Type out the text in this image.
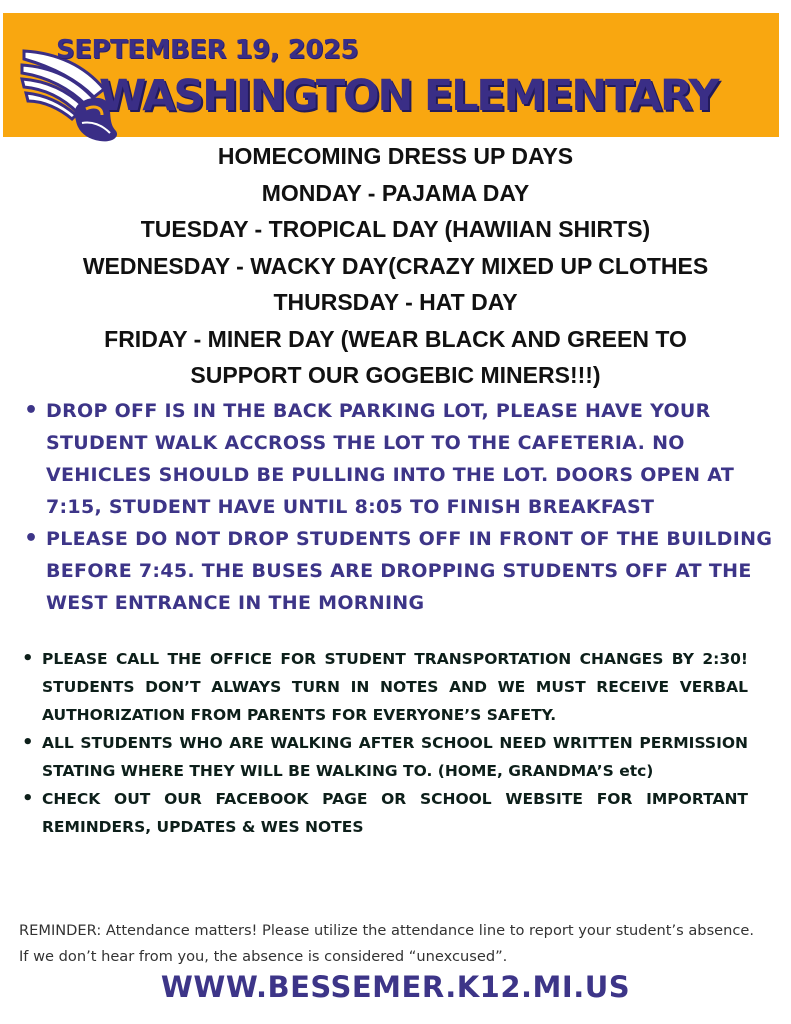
SEPTEMBER 19, 2025
WASHINGTON ELEMENTARY
HOMECOMING DRESS UP DAYS
MONDAY - PAJAMA DAY
TUESDAY - TROPICAL DAY (HAWIIAN SHIRTS)
WEDNESDAY - WACKY DAY(CRAZY MIXED UP CLOTHES
THURSDAY - HAT DAY
FRIDAY - MINER DAY (WEAR BLACK AND GREEN TO
SUPPORT OUR GOGEBIC MINERS!!!)
• DROP OFF IS IN THE BACK PARKING LOT, PLEASE HAVE YOUR STUDENT WALK ACCROSS THE LOT TO THE CAFETERIA. NO VEHICLES SHOULD BE PULLING INTO THE LOT. DOORS OPEN AT 7:15, STUDENT HAVE UNTIL 8:05 TO FINISH BREAKFAST
• PLEASE DO NOT DROP STUDENTS OFF IN FRONT OF THE BUILDING BEFORE 7:45. THE BUSES ARE DROPPING STUDENTS OFF AT THE WEST ENTRANCE IN THE MORNING
• PLEASE CALL THE OFFICE FOR STUDENT TRANSPORTATION CHANGES BY 2:30! STUDENTS DON’T ALWAYS TURN IN NOTES AND WE MUST RECEIVE VERBAL AUTHORIZATION FROM PARENTS FOR EVERYONE’S SAFETY.
• ALL STUDENTS WHO ARE WALKING AFTER SCHOOL NEED WRITTEN PERMISSION STATING WHERE THEY WILL BE WALKING TO. (HOME, GRANDMA’S etc)
• CHECK OUT OUR FACEBOOK PAGE OR SCHOOL WEBSITE FOR IMPORTANT REMINDERS, UPDATES & WES NOTES
REMINDER: Attendance matters! Please utilize the attendance line to report your student’s absence. If we don’t hear from you, the absence is considered “unexcused”.
WWW.BESSEMER.K12.MI.US
